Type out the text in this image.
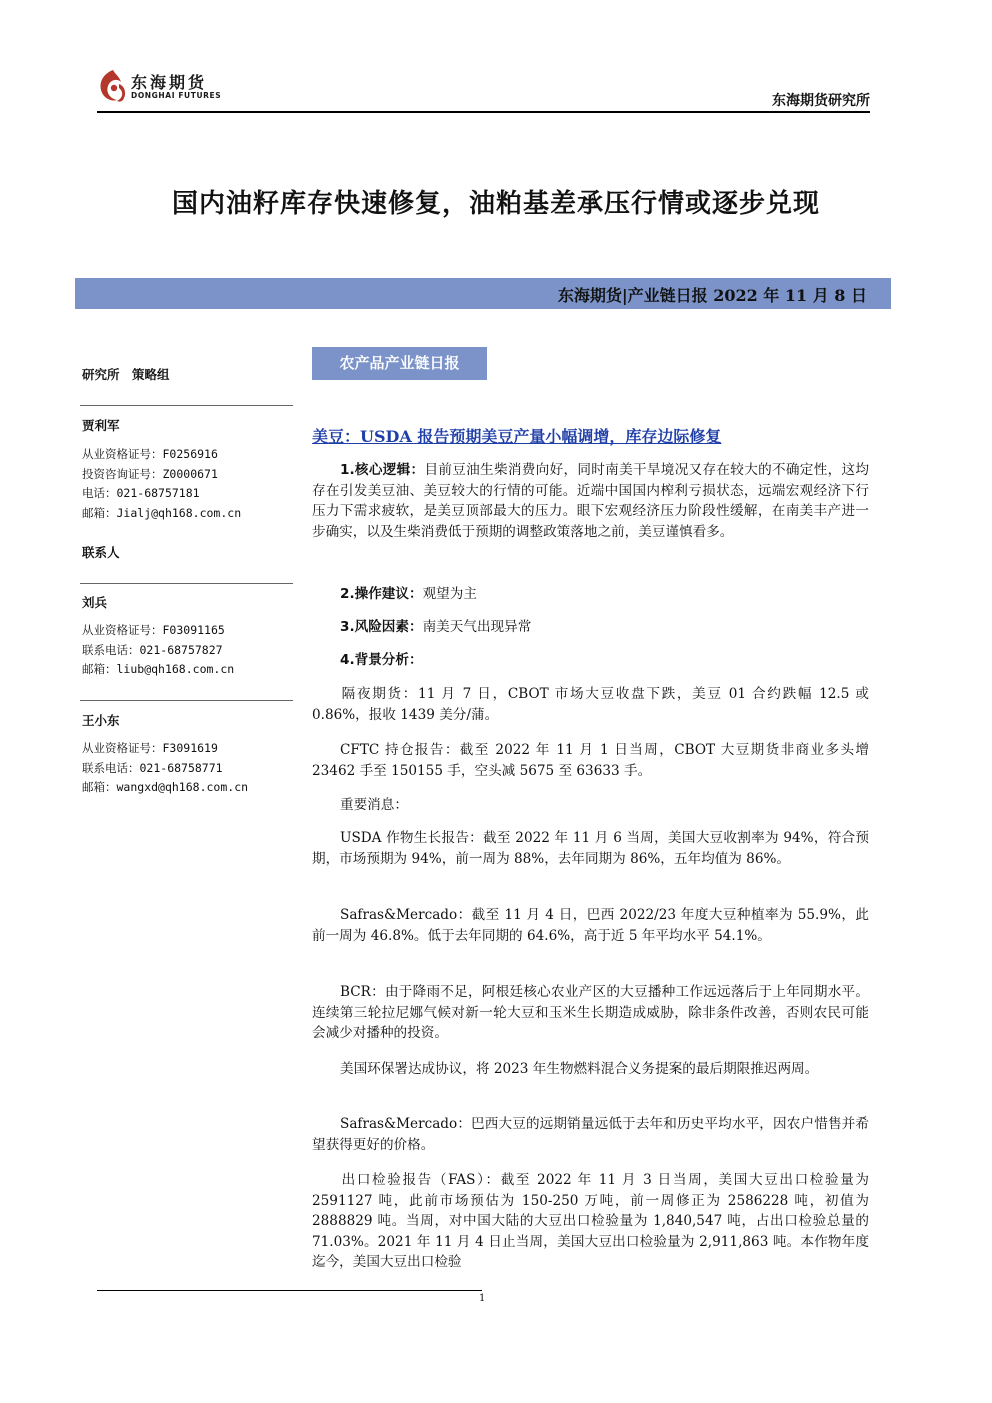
东海期货
DONGHAI FUTURES	东海期货研究所
国内油籽库存快速修复，油粕基差承压行情或逐步兑现
东海期货|产业链日报 2022 年 11 月 8 日
研究所　策略组
贾利军
从业资格证号：F0256916
投资咨询证号：Z0000671
电话：021-68757181
邮箱：Jialj@qh168.com.cn
联系人
刘兵
从业资格证号：F03091165
联系电话：021-68757827
邮箱：liub@qh168.com.cn
王小东
从业资格证号：F3091619
联系电话：021-68758771
邮箱：wangxd@qh168.com.cn
农产品产业链日报
美豆：USDA 报告预期美豆产量小幅调增，库存边际修复
1.核心逻辑：目前豆油生柴消费向好，同时南美干旱境况又存在较大的不确定性，这均存在引发美豆油、美豆较大的行情的可能。近端中国国内榨利亏损状态，远端宏观经济下行压力下需求疲软，是美豆顶部最大的压力。眼下宏观经济压力阶段性缓解，在南美丰产进一步确实，以及生柴消费低于预期的调整政策落地之前，美豆谨慎看多。
2.操作建议：观望为主
3.风险因素：南美天气出现异常
4.背景分析：
隔夜期货：11 月 7 日，CBOT 市场大豆收盘下跌，美豆 01 合约跌幅 12.5 或 0.86%，报收 1439 美分/蒲。
CFTC 持仓报告：截至 2022 年 11 月 1 日当周，CBOT 大豆期货非商业多头增 23462 手至 150155 手，空头减 5675 至 63633 手。
重要消息：
USDA 作物生长报告：截至 2022 年 11 月 6 当周，美国大豆收割率为 94%，符合预期，市场预期为 94%，前一周为 88%，去年同期为 86%，五年均值为 86%。
Safras&Mercado：截至 11 月 4 日，巴西 2022/23 年度大豆种植率为 55.9%，此前一周为 46.8%。低于去年同期的 64.6%，高于近 5 年平均水平 54.1%。
BCR：由于降雨不足，阿根廷核心农业产区的大豆播种工作远远落后于上年同期水平。连续第三轮拉尼娜气候对新一轮大豆和玉米生长期造成威胁，除非条件改善，否则农民可能会减少对播种的投资。
美国环保署达成协议，将 2023 年生物燃料混合义务提案的最后期限推迟两周。
Safras&Mercado：巴西大豆的远期销量远低于去年和历史平均水平，因农户惜售并希望获得更好的价格。
出口检验报告（FAS）：截至 2022 年 11 月 3 日当周，美国大豆出口检验量为 2591127 吨，此前市场预估为 150-250 万吨，前一周修正为 2586228 吨，初值为 2888829 吨。当周，对中国大陆的大豆出口检验量为 1,840,547 吨，占出口检验总量的 71.03%。2021 年 11 月 4 日止当周，美国大豆出口检验量为 2,911,863 吨。本作物年度迄今，美国大豆出口检验
1
